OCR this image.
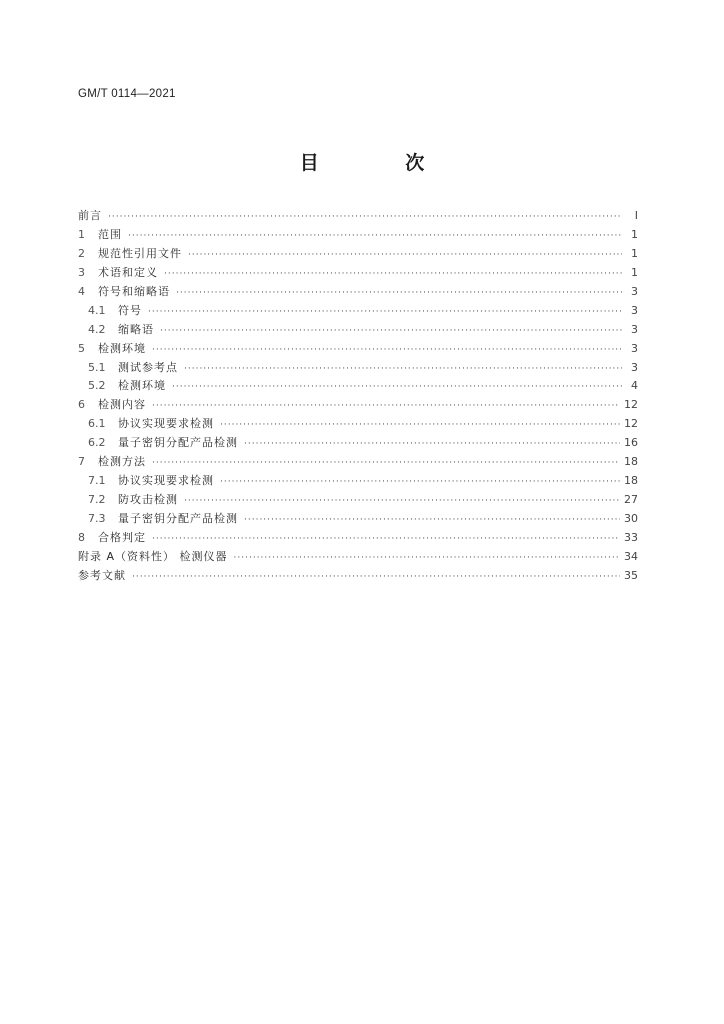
GM/T 0114—2021
目 次
前言 ·····	I
1	范围 ·····	1
2	规范性引用文件 ·····	1
3	术语和定义 ·····	1
4	符号和缩略语 ·····	3
4.1	符号 ·····	3
4.2	缩略语 ·····	3
5	检测环境 ·····	3
5.1	测试参考点 ·····	3
5.2	检测环境 ·····	4
6	检测内容 ·····	12
6.1	协议实现要求检测 ·····	12
6.2	量子密钥分配产品检测 ·····	16
7	检测方法 ·····	18
7.1	协议实现要求检测 ·····	18
7.2	防攻击检测 ·····	27
7.3	量子密钥分配产品检测 ·····	30
8	合格判定 ·····	33
附录 A（资料性） 检测仪器 ·····	34
参考文献 ·····	35
